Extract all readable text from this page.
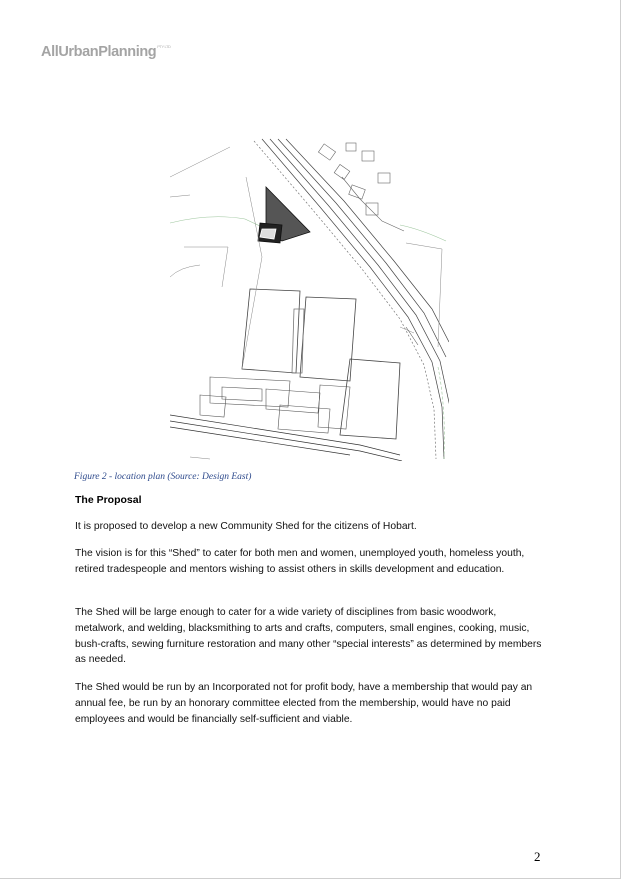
AllUrbanPlanning$^{PTY LTD}$
Figure 2 - location plan (Source: Design East)
The Proposal

It is proposed to develop a new Community Shed for the citizens of Hobart.

The vision is for this “Shed” to cater for both men and women, unemployed youth, homeless youth, retired tradespeople and mentors wishing to assist others in skills development and education.

The Shed will be large enough to cater for a wide variety of disciplines from basic woodwork, metalwork, and welding, blacksmithing to arts and crafts, computers, small engines, cooking, music, bush-crafts, sewing furniture restoration and many other “special interests” as determined by members as needed.

The Shed would be run by an Incorporated not for profit body, have a membership that would pay an annual fee, be run by an honorary committee elected from the membership, would have no paid employees and would be financially self-sufficient and viable.

2
